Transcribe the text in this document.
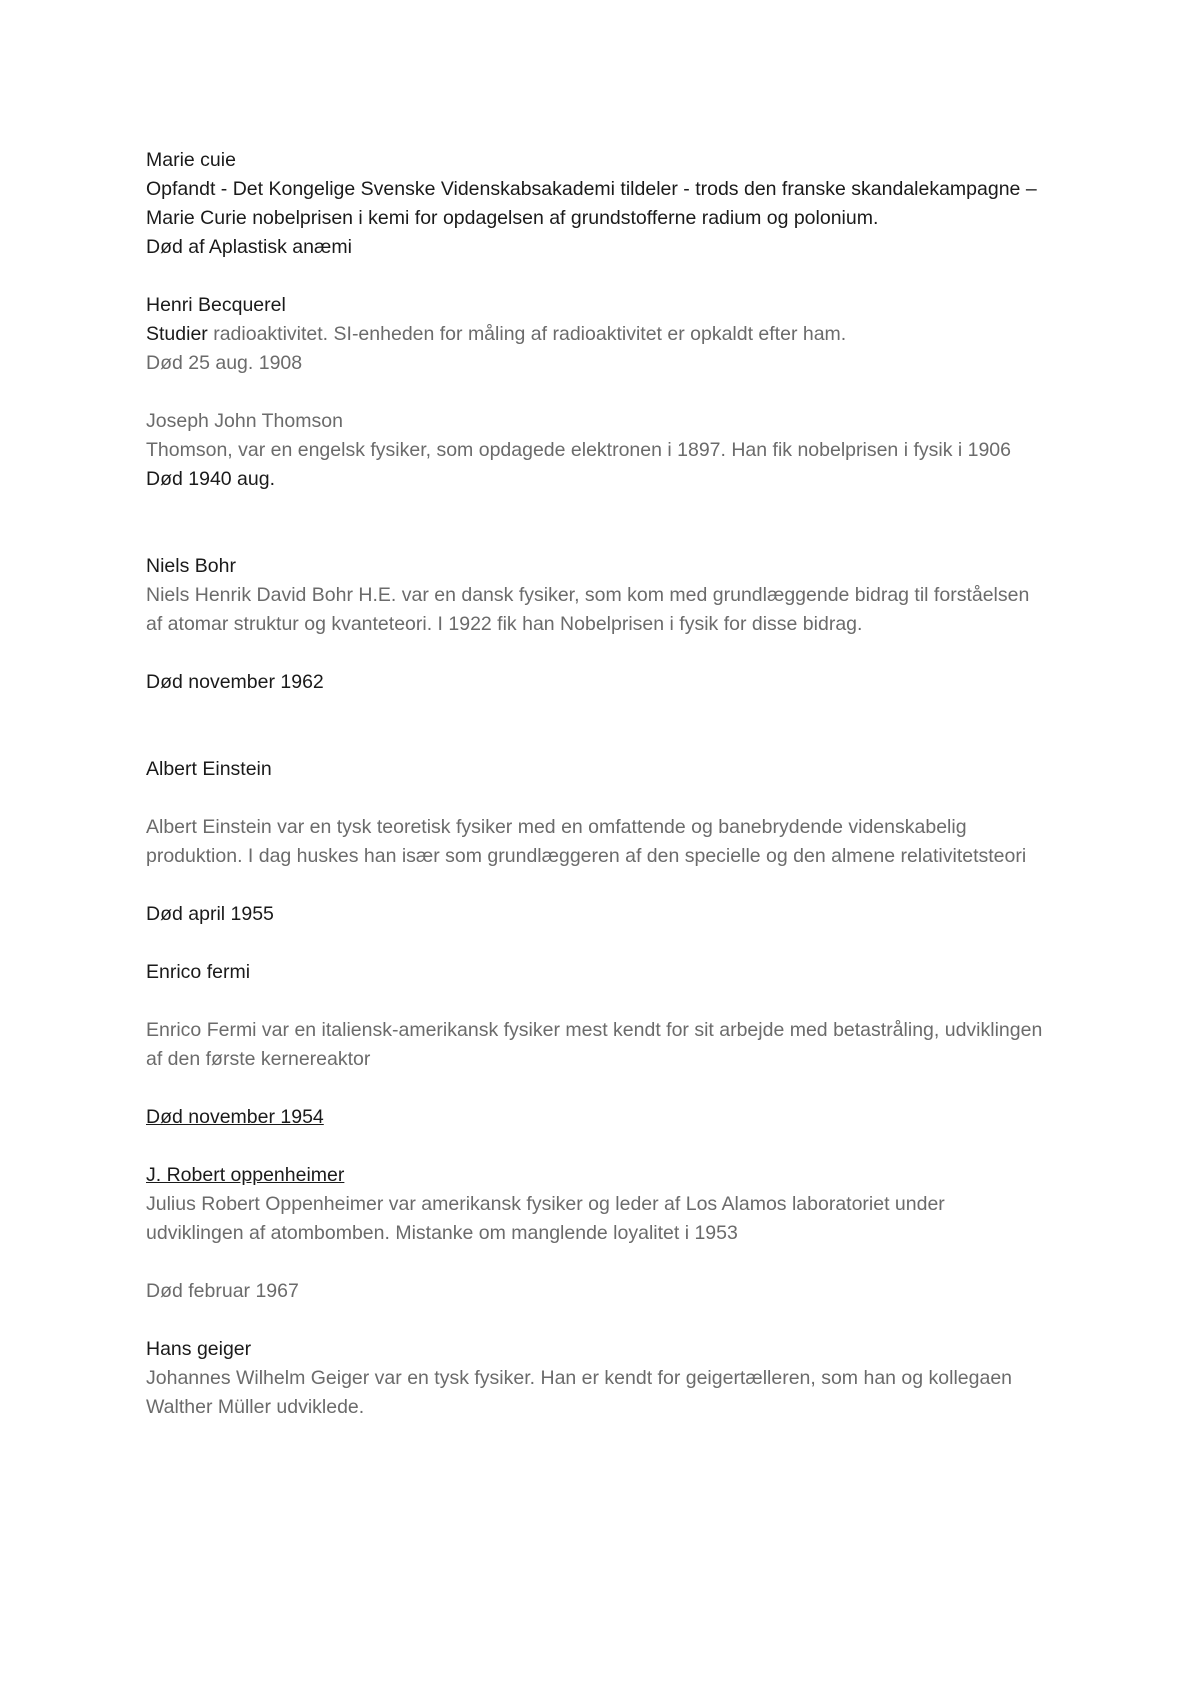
Marie cuie

Opfandt - Det Kongelige Svenske Videnskabsakademi tildeler - trods den franske skandalekampagne –Marie Curie nobelprisen i kemi for opdagelsen af grundstofferne radium og polonium.

Død af Aplastisk anæmi

Henri Becquerel

Studier radioaktivitet. SI-enheden for måling af radioaktivitet er opkaldt efter ham.

Død 25 aug. 1908

Joseph John Thomson

Thomson, var en engelsk fysiker, som opdagede elektronen i 1897. Han fik nobelprisen i fysik i 1906

Død 1940 aug.

Niels Bohr

Niels Henrik David Bohr H.E. var en dansk fysiker, som kom med grundlæggende bidrag til forståelsen af atomar struktur og kvanteteori. I 1922 fik han Nobelprisen i fysik for disse bidrag.

Død november 1962

Albert Einstein

Albert Einstein var en tysk teoretisk fysiker med en omfattende og banebrydende videnskabelig produktion. I dag huskes han især som grundlæggeren af den specielle og den almene relativitetsteori

Død april 1955

Enrico fermi

Enrico Fermi var en italiensk-amerikansk fysiker mest kendt for sit arbejde med betastråling, udviklingen af den første kernereaktor

Død november 1954

J. Robert oppenheimer

Julius Robert Oppenheimer var amerikansk fysiker og leder af Los Alamos laboratoriet under udviklingen af atombomben. Mistanke om manglende loyalitet i 1953

Død februar 1967

Hans geiger

Johannes Wilhelm Geiger var en tysk fysiker. Han er kendt for geigertælleren, som han og kollegaen Walther Müller udviklede.
